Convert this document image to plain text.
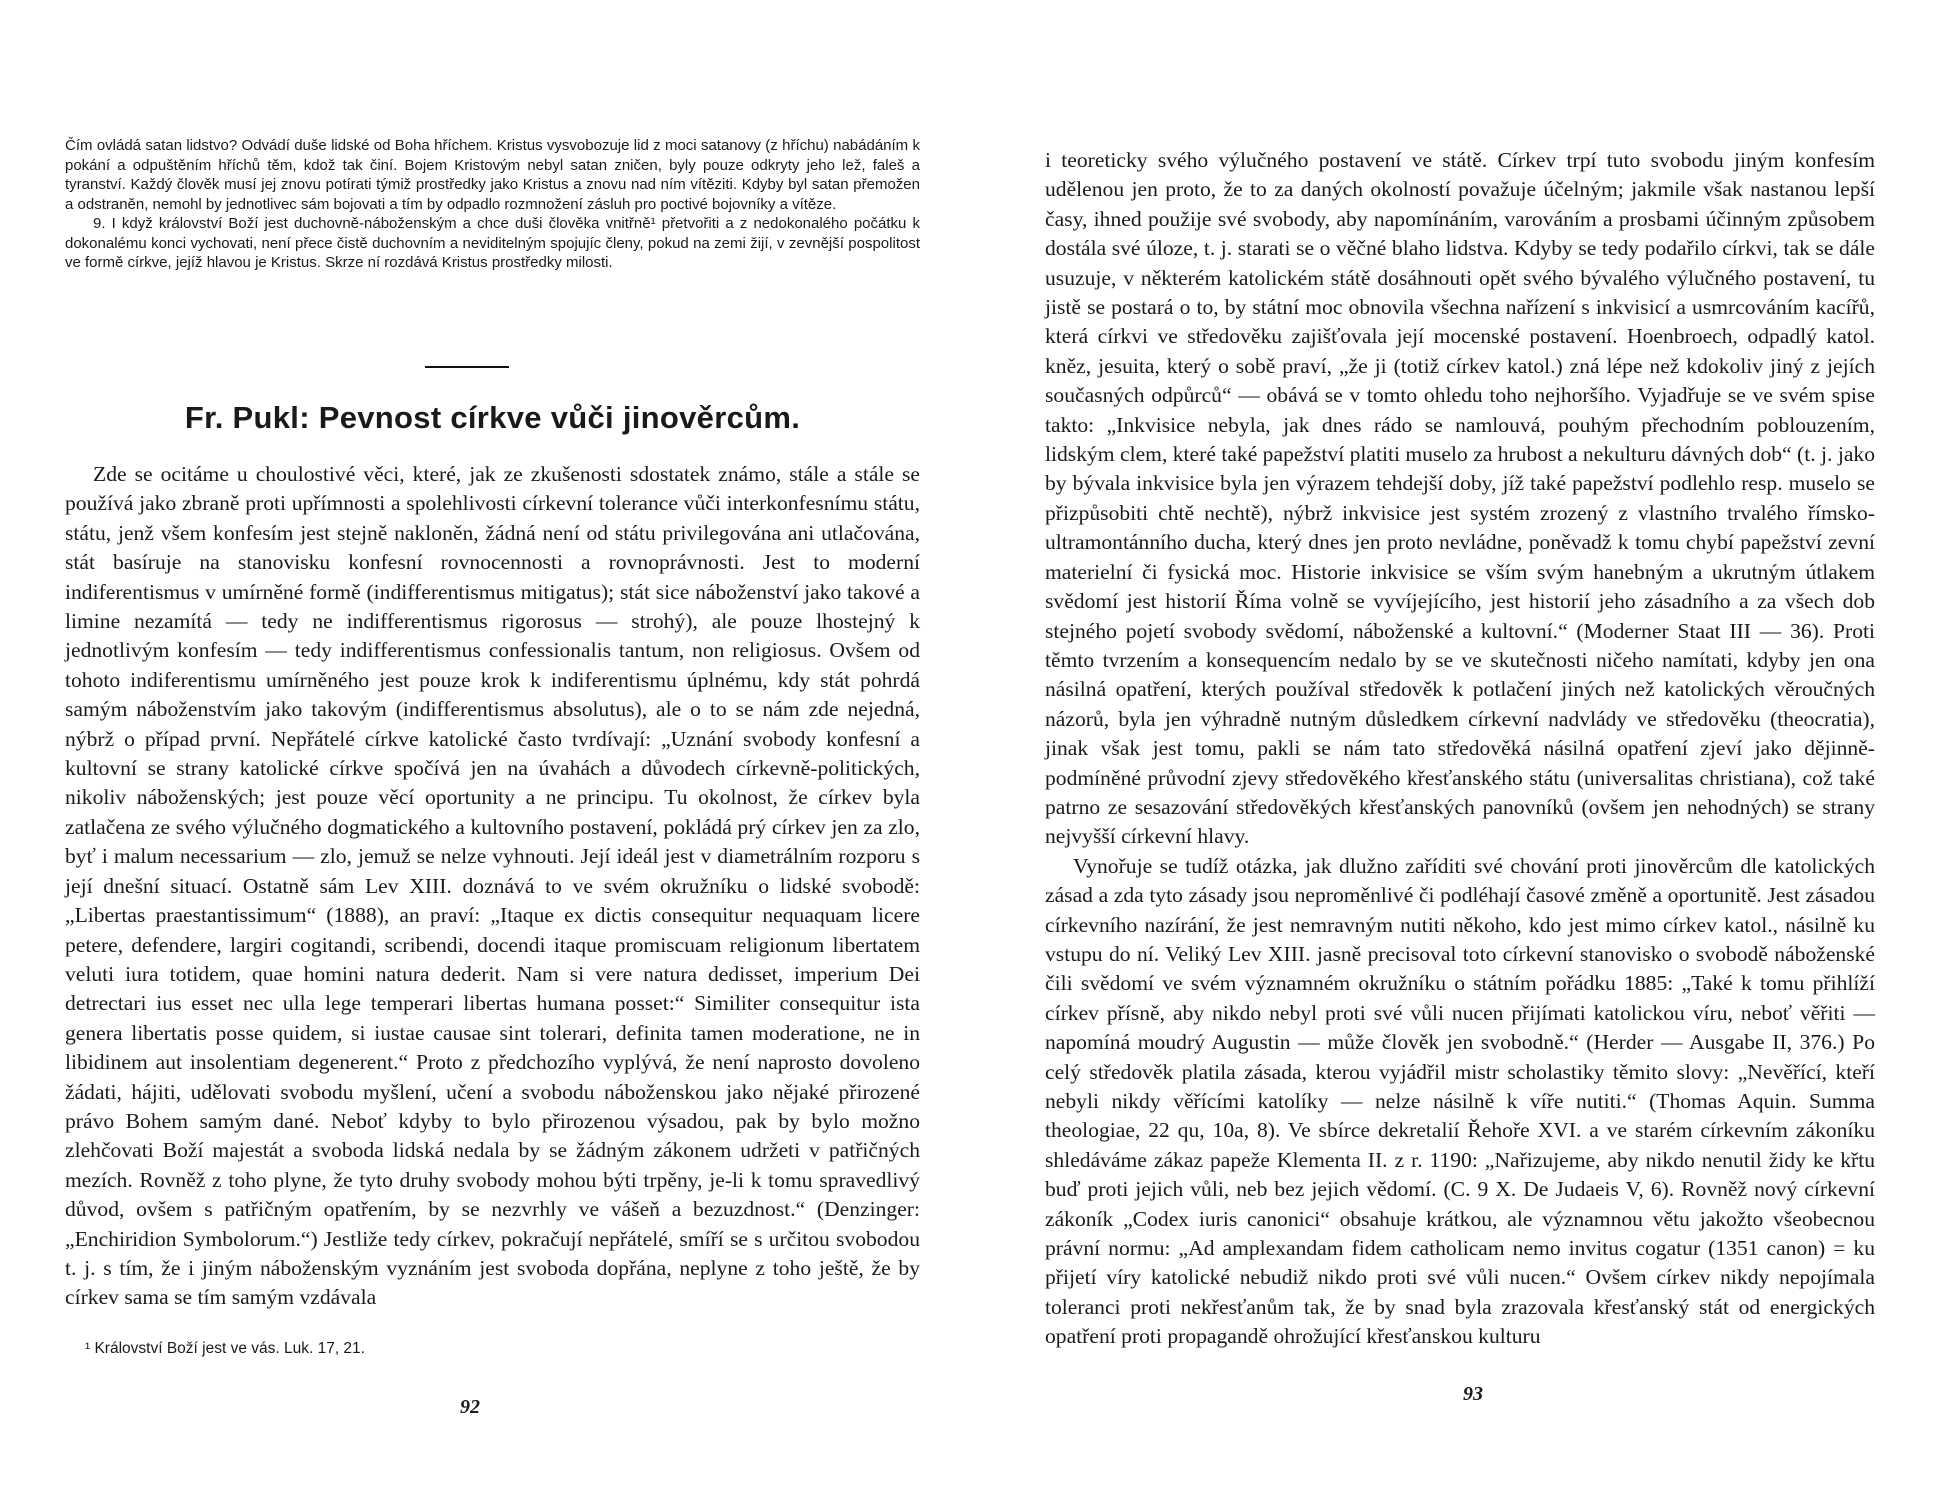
Čím ovládá satan lidstvo? Odvádí duše lidské od Boha hříchem. Kristus vysvobozuje lid z moci satanovy (z hříchu) nabádáním k pokání a odpuštěním hříchů těm, kdož tak činí. Bojem Kristovým nebyl satan zničen, byly pouze odkryty jeho lež, faleš a tyranství. Každý člověk musí jej znovu potírati týmiž prostředky jako Kristus a znovu nad ním vítěziti. Kdyby byl satan přemožen a odstraněn, nemohl by jednotlivec sám bojovati a tím by odpadlo rozmnožení zásluh pro poctivé bojovníky a vítěze.

9. I když království Boží jest duchovně-náboženským a chce duši člověka vnitřně¹ přetvořiti a z nedokonalého počátku k dokonalému konci vychovati, není přece čistě duchovním a neviditelným spojujíc členy, pokud na zemi žijí, v zevnější pospolitost ve formě církve, jejíž hlavou je Kristus. Skrze ní rozdává Kristus prostředky milosti.

Fr. Pukl: Pevnost církve vůči jinověrcům.

Zde se ocitáme u choulostivé věci, které, jak ze zkušenosti sdostatek známo, stále a stále se používá jako zbraně proti upřímnosti a spolehlivosti církevní tolerance vůči interkonfesnímu státu, státu, jenž všem konfesím jest stejně nakloněn, žádná není od státu privilegována ani utlačována, stát basíruje na stanovisku konfesní rovnocennosti a rovnoprávnosti. Jest to moderní indiferentismus v umírněné formě (indifferentismus mitigatus); stát sice náboženství jako takové a limine nezamítá — tedy ne indifferentismus rigorosus — strohý), ale pouze lhostejný k jednotlivým konfesím — tedy indifferentismus confessionalis tantum, non religiosus. Ovšem od tohoto indiferentismu umírněného jest pouze krok k indiferentismu úplnému, kdy stát pohrdá samým náboženstvím jako takovým (indifferentismus absolutus), ale o to se nám zde nejedná, nýbrž o případ první. Nepřátelé církve katolické často tvrdívají: „Uznání svobody konfesní a kultovní se strany katolické církve spočívá jen na úvahách a důvodech církevně-politických, nikoliv náboženských; jest pouze věcí oportunity a ne principu. Tu okolnost, že církev byla zatlačena ze svého výlučného dogmatického a kultovního postavení, pokládá prý církev jen za zlo, byť i malum necessarium — zlo, jemuž se nelze vyhnouti. Její ideál jest v diametrálním rozporu s její dnešní situací. Ostatně sám Lev XIII. doznává to ve svém okružníku o lidské svobodě: „Libertas praestantissimum“ (1888), an praví: „Itaque ex dictis consequitur nequaquam licere petere, defendere, largiri cogitandi, scribendi, docendi itaque promiscuam religionum libertatem veluti iura totidem, quae homini natura dederit. Nam si vere natura dedisset, imperium Dei detrectari ius esset nec ulla lege temperari libertas humana posset:“ Similiter consequitur ista genera libertatis posse quidem, si iustae causae sint tolerari, definita tamen moderatione, ne in libidinem aut insolentiam degenerent.“ Proto z předchozího vyplývá, že není naprosto dovoleno žádati, hájiti, udělovati svobodu myšlení, učení a svobodu náboženskou jako nějaké přirozené právo Bohem samým dané. Neboť kdyby to bylo přirozenou výsadou, pak by bylo možno zlehčovati Boží majestát a svoboda lidská nedala by se žádným zákonem udržeti v patřičných mezích. Rovněž z toho plyne, že tyto druhy svobody mohou býti trpěny, je-li k tomu spravedlivý důvod, ovšem s patřičným opatřením, by se nezvrhly ve vášeň a bezuzdnost.“ (Denzinger: „Enchiridion Symbolorum.“) Jestliže tedy církev, pokračují nepřátelé, smíří se s určitou svobodou t. j. s tím, že i jiným náboženským vyznáním jest svoboda dopřána, neplyne z toho ještě, že by církev sama se tím samým vzdávala

¹ Království Boží jest ve vás. Luk. 17, 21.
92

i teoreticky svého výlučného postavení ve státě. Církev trpí tuto svobodu jiným konfesím udělenou jen proto, že to za daných okolností považuje účelným; jakmile však nastanou lepší časy, ihned použije své svobody, aby napomínáním, varováním a prosbami účinným způsobem dostála své úloze, t. j. starati se o věčné blaho lidstva. Kdyby se tedy podařilo církvi, tak se dále usuzuje, v některém katolickém státě dosáhnouti opět svého bývalého výlučného postavení, tu jistě se postará o to, by státní moc obnovila všechna nařízení s inkvisicí a usmrcováním kacířů, která církvi ve středověku zajišťovala její mocenské postavení. Hoenbroech, odpadlý katol. kněz, jesuita, který o sobě praví, „že ji (totiž církev katol.) zná lépe než kdokoliv jiný z jejích současných odpůrců“ — obává se v tomto ohledu toho nejhoršího. Vyjadřuje se ve svém spise takto: „Inkvisice nebyla, jak dnes rádo se namlouvá, pouhým přechodním poblouzením, lidským clem, které také papežství platiti muselo za hrubost a nekulturu dávných dob“ (t. j. jako by bývala inkvisice byla jen výrazem tehdejší doby, jíž také papežství podlehlo resp. muselo se přizpůsobiti chtě nechtě), nýbrž inkvisice jest systém zrozený z vlastního trvalého římsko-ultramontánního ducha, který dnes jen proto nevládne, poněvadž k tomu chybí papežství zevní materielní či fysická moc. Historie inkvisice se vším svým hanebným a ukrutným útlakem svědomí jest historií Říma volně se vyvíjejícího, jest historií jeho zásadního a za všech dob stejného pojetí svobody svědomí, náboženské a kultovní.“ (Moderner Staat III — 36). Proti těmto tvrzením a konsequencím nedalo by se ve skutečnosti ničeho namítati, kdyby jen ona násilná opatření, kterých používal středověk k potlačení jiných než katolických věroučných názorů, byla jen výhradně nutným důsledkem církevní nadvlády ve středověku (theocratia), jinak však jest tomu, pakli se nám tato středověká násilná opatření zjeví jako dějinně-podmíněné průvodní zjevy středověkého křesťanského státu (universalitas christiana), což také patrno ze sesazování středověkých křesťanských panovníků (ovšem jen nehodných) se strany nejvyšší církevní hlavy.

Vynořuje se tudíž otázka, jak dlužno zaříditi své chování proti jinověrcům dle katolických zásad a zda tyto zásady jsou neproměnlivé či podléhají časové změně a oportunitě. Jest zásadou církevního nazírání, že jest nemravným nutiti někoho, kdo jest mimo církev katol., násilně ku vstupu do ní. Veliký Lev XIII. jasně precisoval toto církevní stanovisko o svobodě náboženské čili svědomí ve svém významném okružníku o státním pořádku 1885: „Také k tomu přihlíží církev přísně, aby nikdo nebyl proti své vůli nucen přijímati katolickou víru, neboť věřiti — napomíná moudrý Augustin — může člověk jen svobodně.“ (Herder — Ausgabe II, 376.) Po celý středověk platila zásada, kterou vyjádřil mistr scholastiky těmito slovy: „Nevěřící, kteří nebyli nikdy věřícími katolíky — nelze násilně k víře nutiti.“ (Thomas Aquin. Summa theologiae, 22 qu, 10a, 8). Ve sbírce dekretalií Řehoře XVI. a ve starém církevním zákoníku shledáváme zákaz papeže Klementa II. z r. 1190: „Nařizujeme, aby nikdo nenutil židy ke křtu buď proti jejich vůli, neb bez jejich vědomí. (C. 9 X. De Judaeis V, 6). Rovněž nový církevní zákoník „Codex iuris canonici“ obsahuje krátkou, ale významnou větu jakožto všeobecnou právní normu: „Ad amplexandam fidem catholicam nemo invitus cogatur (1351 canon) = ku přijetí víry katolické nebudiž nikdo proti své vůli nucen.“ Ovšem církev nikdy nepojímala toleranci proti nekřesťanům tak, že by snad byla zrazovala křesťanský stát od energických opatření proti propagandě ohrožující křesťanskou kulturu

93
